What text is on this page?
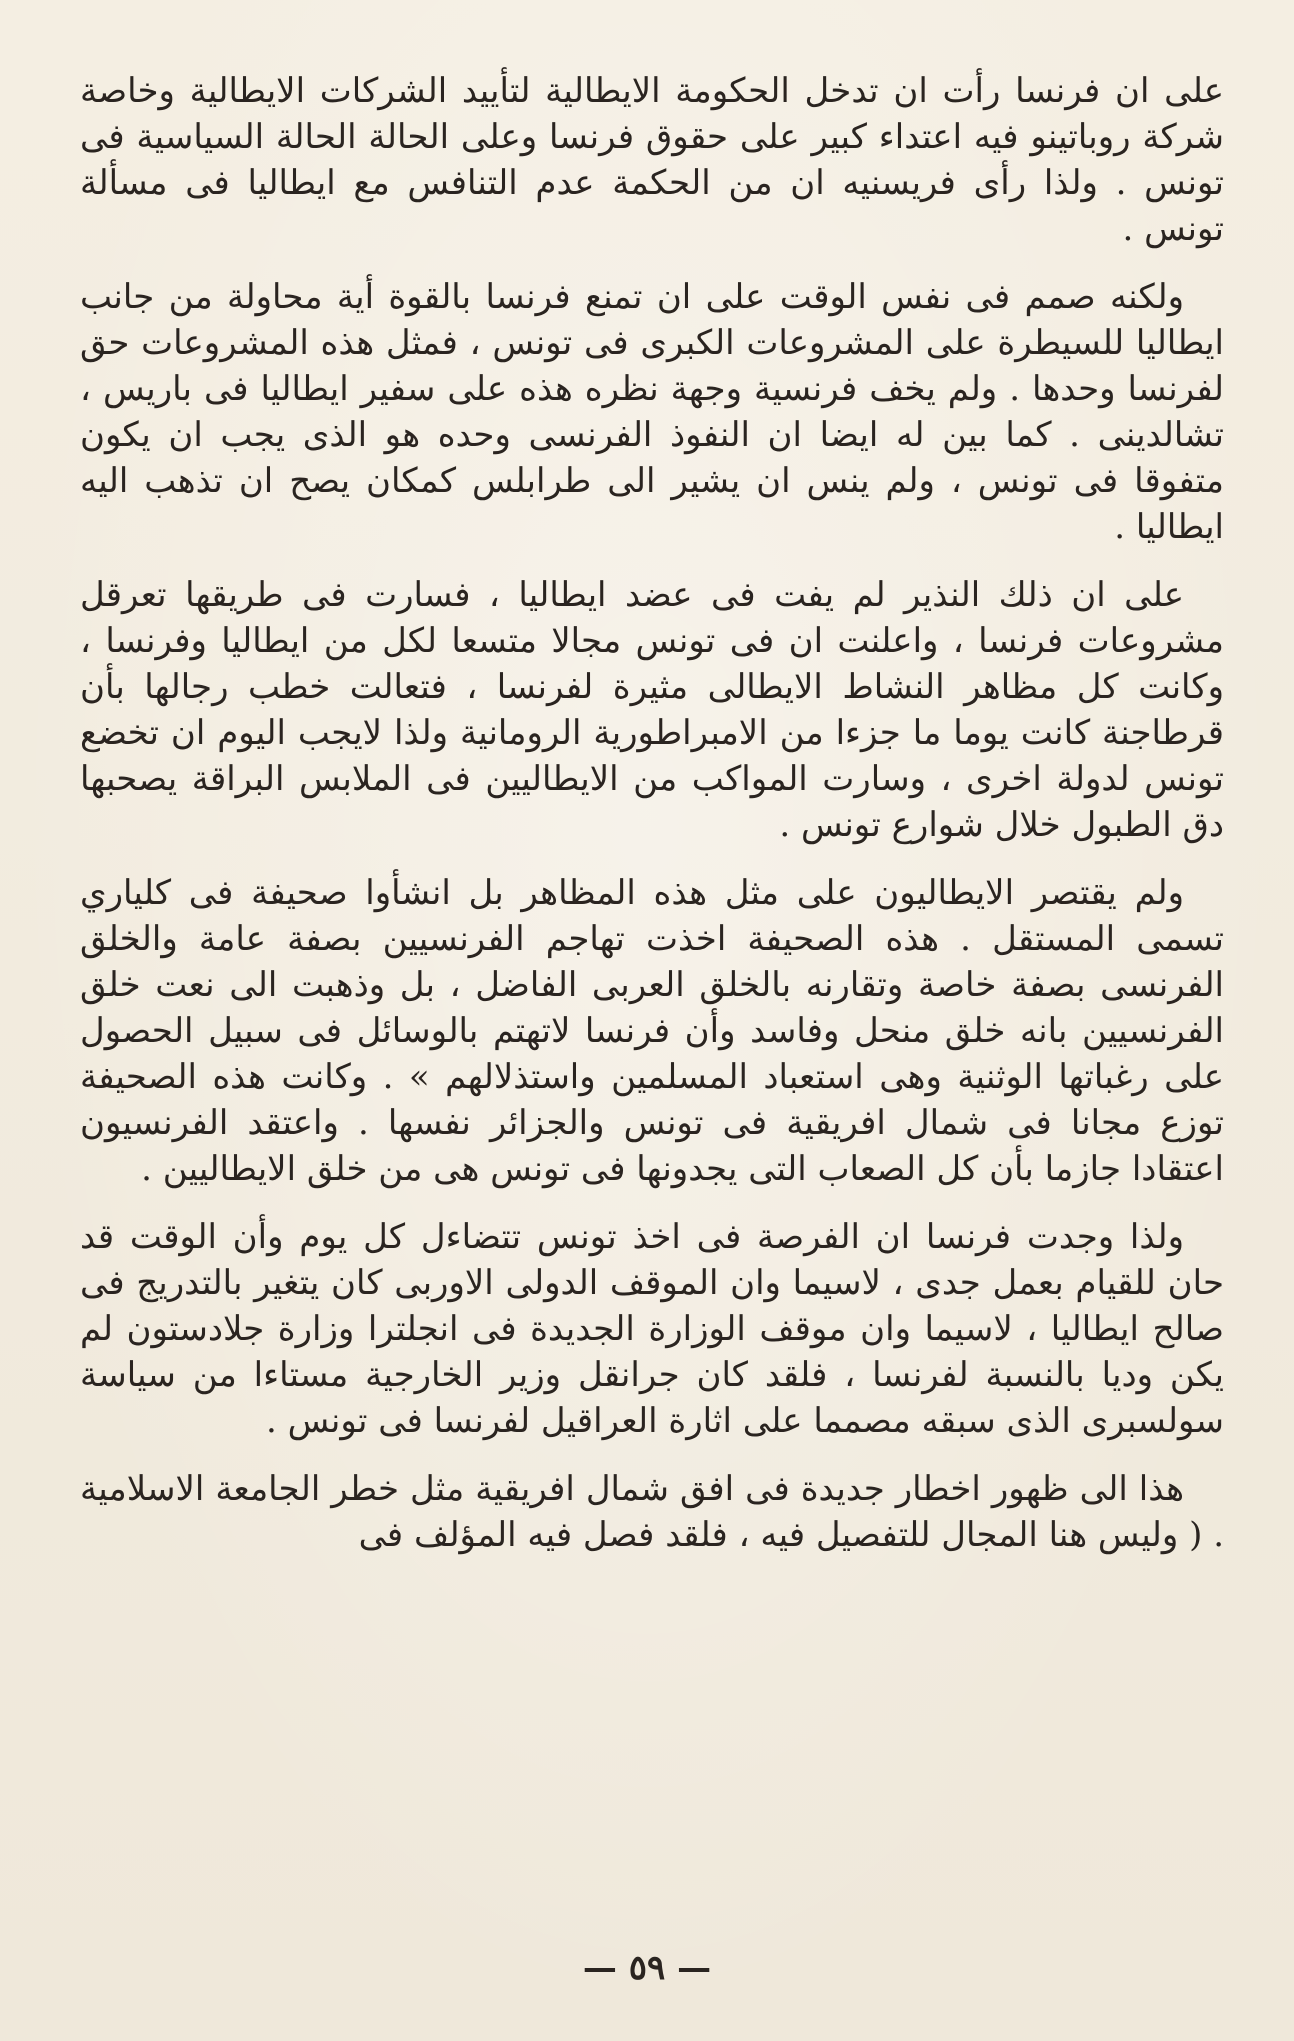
على ان فرنسا رأت ان تدخل الحكومة الايطالية لتأييد الشركات الايطالية وخاصة شركة روباتينو فيه اعتداء كبير على حقوق فرنسا وعلى الحالة الحالة السياسية فى تونس . ولذا رأى فريسنيه ان من الحكمة عدم التنافس مع ايطاليا فى مسألة تونس .

ولكنه صمم فى نفس الوقت على ان تمنع فرنسا بالقوة أية محاولة من جانب ايطاليا للسيطرة على المشروعات الكبرى فى تونس ، فمثل هذه المشروعات حق لفرنسا وحدها . ولم يخف فرنسية وجهة نظره هذه على سفير ايطاليا فى باريس ، تشالدينى . كما بين له ايضا ان النفوذ الفرنسى وحده هو الذى يجب ان يكون متفوقا فى تونس ، ولم ينس ان يشير الى طرابلس كمكان يصح ان تذهب اليه ايطاليا .

على ان ذلك النذير لم يفت فى عضد ايطاليا ، فسارت فى طريقها تعرقل مشروعات فرنسا ، واعلنت ان فى تونس مجالا متسعا لكل من ايطاليا وفرنسا ، وكانت كل مظاهر النشاط الايطالى مثيرة لفرنسا ، فتعالت خطب رجالها بأن قرطاجنة كانت يوما ما جزءا من الامبراطورية الرومانية ولذا لايجب اليوم ان تخضع تونس لدولة اخرى ، وسارت المواكب من الايطاليين فى الملابس البراقة يصحبها دق الطبول خلال شوارع تونس .

ولم يقتصر الايطاليون على مثل هذه المظاهر بل انشأوا صحيفة فى كلياري تسمى المستقل . هذه الصحيفة اخذت تهاجم الفرنسيين بصفة عامة والخلق الفرنسى بصفة خاصة وتقارنه بالخلق العربى الفاضل ، بل وذهبت الى نعت خلق الفرنسيين بانه خلق منحل وفاسد وأن فرنسا لاتهتم بالوسائل فى سبيل الحصول على رغباتها الوثنية وهى استعباد المسلمين واستذلالهم » . وكانت هذه الصحيفة توزع مجانا فى شمال افريقية فى تونس والجزائر نفسها . واعتقد الفرنسيون اعتقادا جازما بأن كل الصعاب التى يجدونها فى تونس هى من خلق الايطاليين .

ولذا وجدت فرنسا ان الفرصة فى اخذ تونس تتضاءل كل يوم وأن الوقت قد حان للقيام بعمل جدى ، لاسيما وان الموقف الدولى الاوربى كان يتغير بالتدريج فى صالح ايطاليا ، لاسيما وان موقف الوزارة الجديدة فى انجلترا وزارة جلادستون لم يكن وديا بالنسبة لفرنسا ، فلقد كان جرانقل وزير الخارجية مستاءا من سياسة سولسبرى الذى سبقه مصمما على اثارة العراقيل لفرنسا فى تونس .

هذا الى ظهور اخطار جديدة فى افق شمال افريقية مثل خطر الجامعة الاسلامية . ( وليس هنا المجال للتفصيل فيه ، فلقد فصل فيه المؤلف فى

— ٥٩ —
